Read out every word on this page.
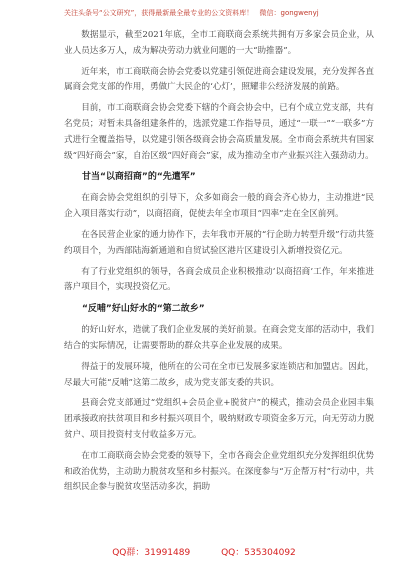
关注头条号“公文研究”，获得最新最全最专业的公文资料库！ 微信：gongwenyj

数据显示，截至2021年底，全市工商联商会系统共拥有万多家会员企业，从业人员达多万人，成为解决劳动力就业问题的一大“助推器”。

近年来，市工商联商会协会党委以党建引领促进商会建设发展，充分发挥各直属商会党支部的作用，勇做广大民企的‘心灯’，照耀非公经济发展的前路。

目前，市工商联商会协会党委下辖的个商会协会中，已有个成立党支部，共有名党员；对暂未具备组建条件的，选派党建工作指导员，通过“一联一”“一联多”方式进行全覆盖指导，以党建引领各级商会协会高质量发展。全市商会系统共有国家级“四好商会”家，自治区级“四好商会”家，成为推动全市产业振兴注入强劲动力。

甘当“以商招商”的“先遣军”

在商会协会党组织的引导下，众多如商会一般的商会齐心协力，主动推进“民企入项目落实行动”，以商招商，促使去年全市项目“四率”走在全区前列。

在各民营企业家的通力协作下，去年我市开展的“行企助力转型升级”行动共签约项目个，为西部陆海新通道和自贸试验区港片区建设引入新增投资亿元。

有了行业党组织的领导，各商会成员企业积极推动‘以商招商’工作，年来推进落户项目个，实现投资亿元。

“反哺”好山好水的“第二故乡”

的好山好水，造就了我们企业发展的美好前景。在商会党支部的活动中，我们结合的实际情况，让需要帮助的群众共享企业发展的成果。

得益于的发展环境，他所在的公司在全市已发展多家连锁店和加盟店。因此，尽最大可能“反哺”这第二故乡，成为党支部支委的共识。

县商会党支部通过“党组织+会员企业+脱贫户”的模式，推动会员企业园丰集团承接政府扶贫项目和乡村振兴项目个，吸纳财政专项资金多万元，向无劳动力脱贫户、项目投资村支付收益多万元。

在市工商联商会协会党委的领导下，全市各商会企业党组织充分发挥组织优势和政治优势，主动助力脱贫攻坚和乡村振兴。在深度参与“万企帮万村”行动中，共组织民企参与脱贫攻坚活动多次，捐助

QQ群：31991489	QQ：535304092
